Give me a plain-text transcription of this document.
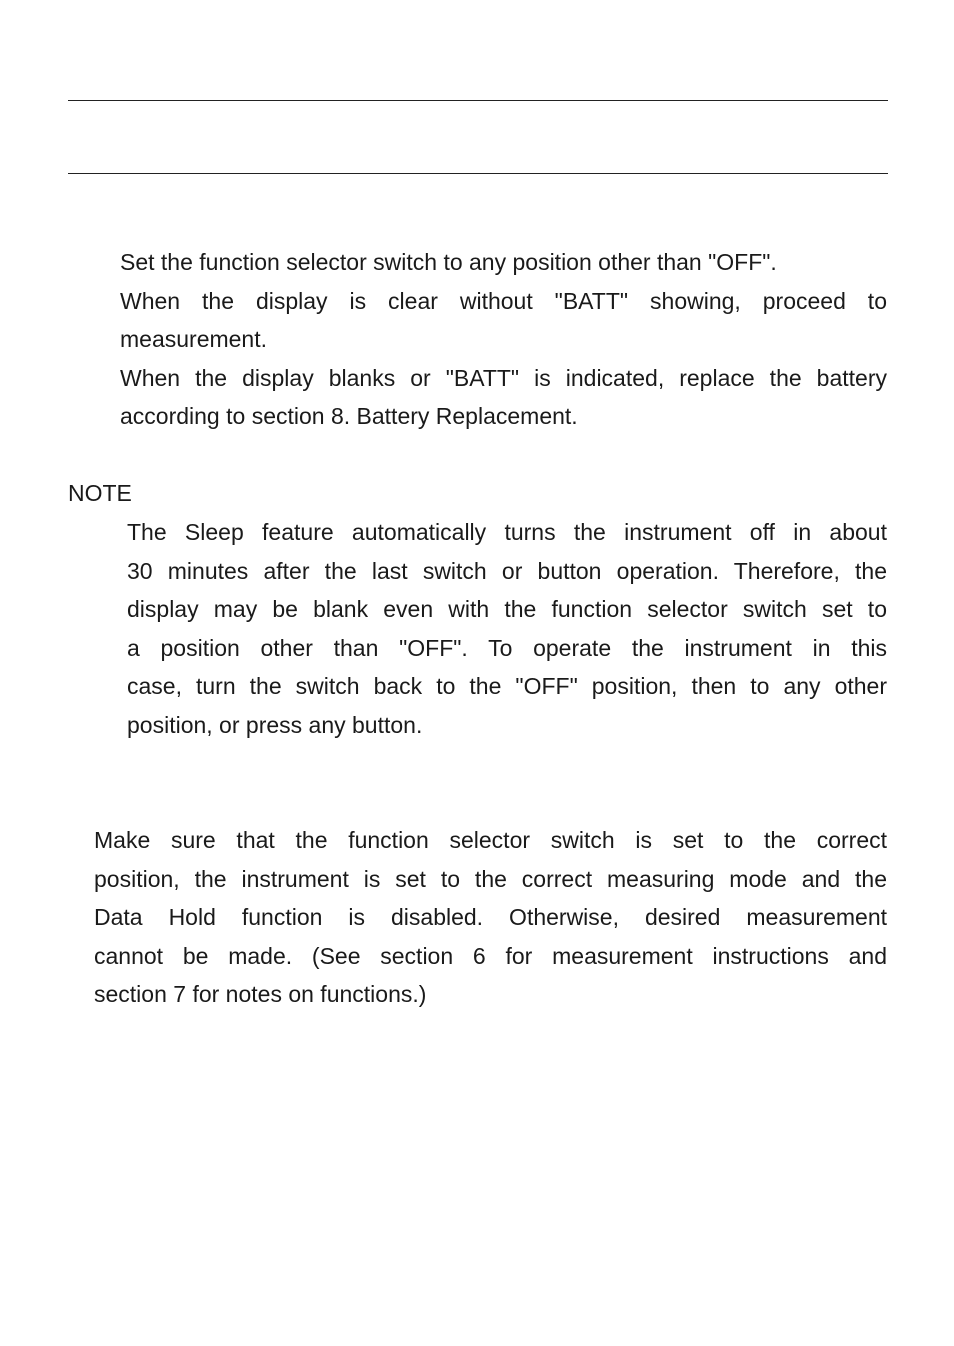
Set the function selector switch to any position other than "OFF".
When the display is clear without "BATT" showing, proceed to
measurement.
When the display blanks or "BATT" is indicated, replace the battery
according to section 8. Battery Replacement.
NOTE
The Sleep feature automatically turns the instrument off in about
30 minutes after the last switch or button operation. Therefore, the
display may be blank even with the function selector switch set to
a position other than "OFF". To operate the instrument in this
case, turn the switch back to the "OFF" position, then to any other
position, or press any button.
Make sure that the function selector switch is set to the correct
position, the instrument is set to the correct measuring mode and the
Data Hold function is disabled. Otherwise, desired measurement
cannot be made. (See section 6 for measurement instructions and
section 7 for notes on functions.)
